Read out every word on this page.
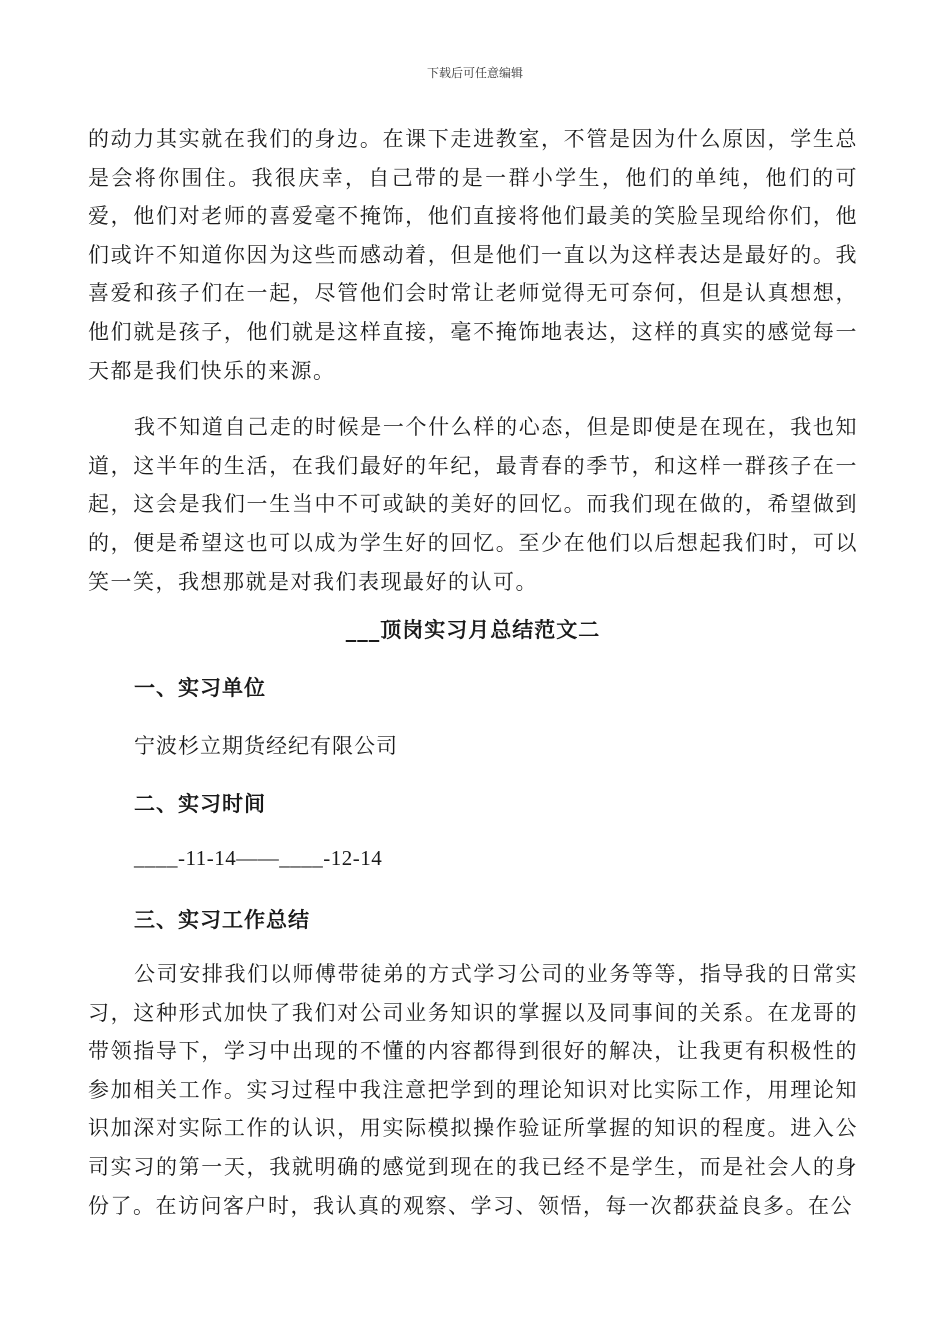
下载后可任意编辑

的动力其实就在我们的身边。在课下走进教室，不管是因为什么原因，学生总是会将你围住。我很庆幸，自己带的是一群小学生，他们的单纯，他们的可爱，他们对老师的喜爱毫不掩饰，他们直接将他们最美的笑脸呈现给你们，他们或许不知道你因为这些而感动着，但是他们一直以为这样表达是最好的。我喜爱和孩子们在一起，尽管他们会时常让老师觉得无可奈何，但是认真想想，他们就是孩子，他们就是这样直接，毫不掩饰地表达，这样的真实的感觉每一天都是我们快乐的来源。

我不知道自己走的时候是一个什么样的心态，但是即使是在现在，我也知道，这半年的生活，在我们最好的年纪，最青春的季节，和这样一群孩子在一起，这会是我们一生当中不可或缺的美好的回忆。而我们现在做的，希望做到的，便是希望这也可以成为学生好的回忆。至少在他们以后想起我们时，可以笑一笑，我想那就是对我们表现最好的认可。

___顶岗实习月总结范文二
一、实习单位
宁波杉立期货经纪有限公司
二、实习时间
____-11-14——____-12-14
三、实习工作总结

公司安排我们以师傅带徒弟的方式学习公司的业务等等，指导我的日常实习，这种形式加快了我们对公司业务知识的掌握以及同事间的关系。在龙哥的带领指导下，学习中出现的不懂的内容都得到很好的解决，让我更有积极性的参加相关工作。实习过程中我注意把学到的理论知识对比实际工作，用理论知识加深对实际工作的认识，用实际模拟操作验证所掌握的知识的程度。进入公司实习的第一天，我就明确的感觉到现在的我已经不是学生，而是社会人的身份了。在访问客户时，我认真的观察、学习、领悟，每一次都获益良多。在公
